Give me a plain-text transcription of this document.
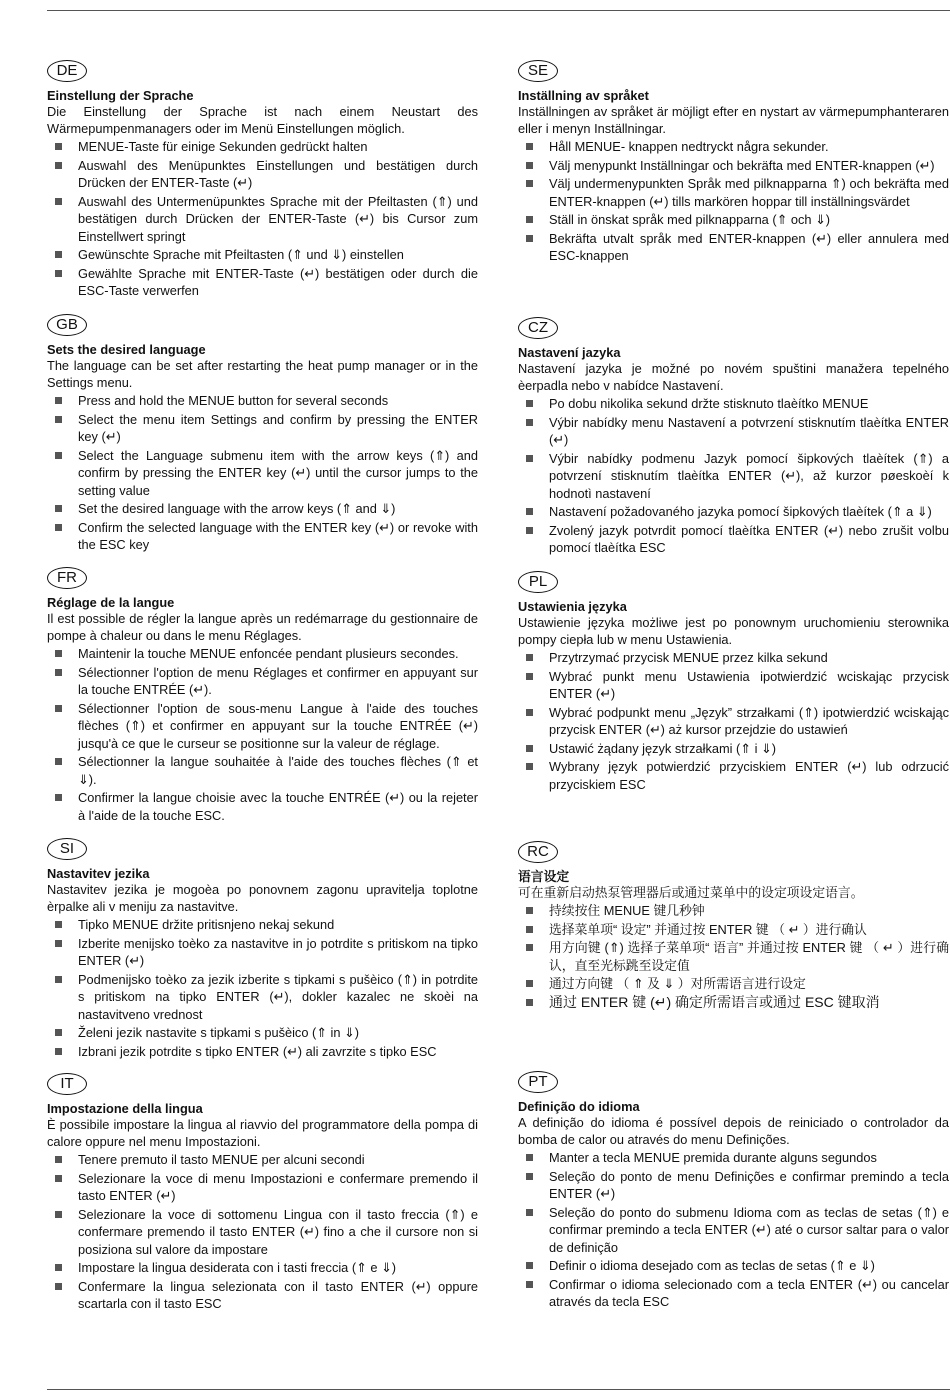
DE
Einstellung der Sprache
Die Einstellung der Sprache ist nach einem Neustart des Wärmepumpenmanagers oder im Menü Einstellungen möglich.
MENUE-Taste für einige Sekunden gedrückt halten
Auswahl des Menüpunktes Einstellungen und bestätigen durch Drücken der ENTER-Taste (↵)
Auswahl des Untermenüpunktes Sprache mit der Pfeiltasten (⇑) und bestätigen durch Drücken der ENTER-Taste (↵) bis Cursor zum Einstellwert springt
Gewünschte Sprache mit Pfeiltasten (⇑ und ⇓) einstellen
Gewählte Sprache mit ENTER-Taste (↵) bestätigen oder durch die ESC-Taste verwerfen
GB
Sets the desired language
The language can be set after restarting the heat pump manager or in the Settings menu.
Press and hold the MENUE button for several seconds
Select the menu item Settings and confirm by pressing the ENTER key (↵)
Select the Language submenu item with the arrow keys (⇑) and confirm by pressing the ENTER key (↵) until the cursor jumps to the setting value
Set the desired language with the arrow keys (⇑ and ⇓)
Confirm the selected language with the ENTER key (↵) or revoke with the ESC key
FR
Réglage de la langue
Il est possible de régler la langue après un redémarrage du gestionnaire de pompe à chaleur ou dans le menu Réglages.
Maintenir la touche MENUE enfoncée pendant plusieurs secondes.
Sélectionner l'option de menu Réglages et confirmer en appuyant sur la touche ENTRÉE (↵).
Sélectionner l'option de sous-menu Langue à l'aide des touches flèches (⇑) et confirmer en appuyant sur la touche ENTRÉE (↵) jusqu'à ce que le curseur se positionne sur la valeur de réglage.
Sélectionner la langue souhaitée à l'aide des touches flèches (⇑ et ⇓).
Confirmer la langue choisie avec la touche ENTRÉE (↵) ou la rejeter à l'aide de la touche ESC.
SI
Nastavitev jezika
Nastavitev jezika je mogoèa po ponovnem zagonu upravitelja toplotne èrpalke ali v meniju za nastavitve.
Tipko MENUE držite pritisnjeno nekaj sekund
Izberite menijsko toèko za nastavitve in jo potrdite s pritiskom na tipko ENTER (↵)
Podmenijsko toèko za jezik izberite s tipkami s pušèico (⇑) in potrdite s pritiskom na tipko ENTER (↵), dokler kazalec ne skoèi na nastavitveno vrednost
Želeni jezik nastavite s tipkami s pušèico (⇑ in ⇓)
Izbrani jezik potrdite s tipko ENTER (↵) ali zavrzite s tipko ESC
IT
Impostazione della lingua
È possibile impostare la lingua al riavvio del programmatore della pompa di calore oppure nel menu Impostazioni.
Tenere premuto il tasto MENUE per alcuni secondi
Selezionare la voce di menu Impostazioni e confermare premendo il tasto ENTER (↵)
Selezionare la voce di sottomenu Lingua con il tasto freccia (⇑) e confermare premendo il tasto ENTER (↵) fino a che il cursore non si posiziona sul valore da impostare
Impostare la lingua desiderata con i tasti freccia (⇑ e ⇓)
Confermare la lingua selezionata con il tasto ENTER (↵) oppure scartarla con il tasto ESC
SE
Inställning av språket
Inställningen av språket är möjligt efter en nystart av värmepumphanteraren eller i menyn Inställningar.
Håll MENUE- knappen nedtryckt några sekunder.
Välj menypunkt Inställningar och bekräfta med ENTER-knappen (↵)
Välj undermenypunkten Språk med pilknapparna ⇑) och bekräfta med ENTER-knappen (↵) tills markören hoppar till inställningsvärdet
Ställ in önskat språk med pilknapparna (⇑ och ⇓)
Bekräfta utvalt språk med ENTER-knappen (↵) eller annulera med ESC-knappen
CZ
Nastavení jazyka
Nastavení jazyka je možné po novém spuštini manažera tepelného èerpadla nebo v nabídce Nastavení.
Po dobu nikolika sekund držte stisknuto tlaèítko MENUE
Výbir nabídky menu Nastavení a potvrzení stisknutím tlaèítka ENTER (↵)
Výbir nabídky podmenu Jazyk pomocí šipkových tlaèítek (⇑) a potvrzení stisknutím tlaèítka ENTER (↵), až kurzor pøeskoèí k hodnotì nastavení
Nastavení požadovaného jazyka pomocí šipkových tlaèítek (⇑ a ⇓)
Zvolený jazyk potvrdit pomocí tlaèítka ENTER (↵) nebo zrušit volbu pomocí tlaèítka ESC
PL
Ustawienia języka
Ustawienie języka możliwe jest po ponownym uruchomieniu sterownika pompy ciepła lub w menu Ustawienia.
Przytrzymać przycisk MENUE przez kilka sekund
Wybrać punkt menu Ustawienia ipotwierdzić wciskając przycisk ENTER (↵)
Wybrać podpunkt menu „Język” strzałkami (⇑) ipotwierdzić wciskając przycisk ENTER (↵) aż kursor przejdzie do ustawień
Ustawić żądany język strzałkami (⇑ i ⇓)
Wybrany język potwierdzić przyciskiem ENTER (↵) lub odrzucić przyciskiem ESC
RC
语言设定
可在重新启动热泵管理器后或通过菜单中的设定项设定语言。
持续按住 MENUE 键几秒钟
选择菜单项“ 设定” 并通过按 ENTER 键 （ ↵ ）进行确认
用方向键 (⇑) 选择子菜单项“ 语言” 并通过按 ENTER 键 （ ↵ ）进行确认，直至光标跳至设定值
通过方向键 （ ⇑ 及 ⇓ ）对所需语言进行设定
通过 ENTER 键 (↵) 确定所需语言或通过 ESC 键取消
PT
Definição do idioma
A definição do idioma é possível depois de reiniciado o controlador da bomba de calor ou através do menu Definições.
Manter a tecla MENUE premida durante alguns segundos
Seleção do ponto de menu Definições e confirmar premindo a tecla ENTER (↵)
Seleção do ponto do submenu Idioma com as teclas de setas (⇑) e confirmar premindo a tecla ENTER (↵) até o cursor saltar para o valor de definição
Definir o idioma desejado com as teclas de setas (⇑ e ⇓)
Confirmar o idioma selecionado com a tecla ENTER (↵) ou cancelar através da tecla ESC
